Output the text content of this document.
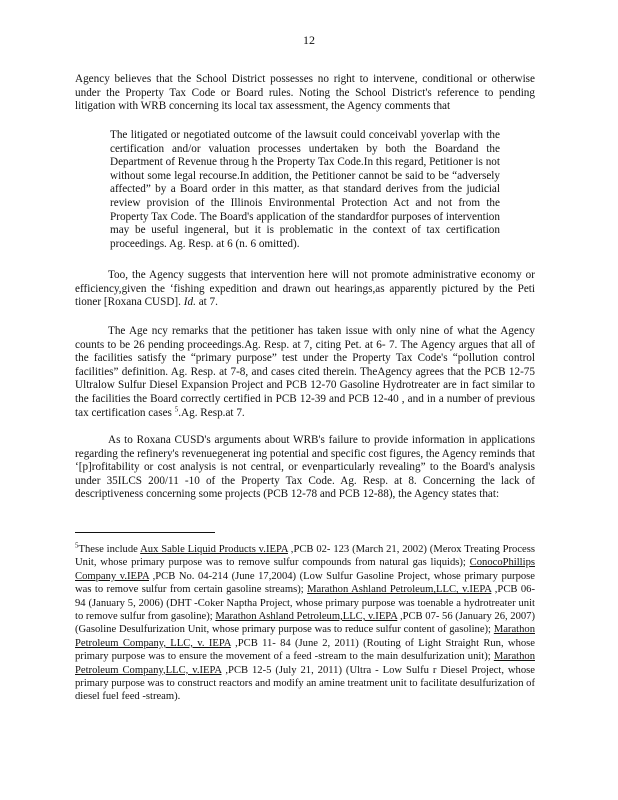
12
Agency believes that the School District possesses no right to intervene, conditional or otherwise under the Property Tax Code or Board rules. Noting the School District's reference to pending litigation with WRB concerning its local tax assessment, the Agency comments that
The litigated or negotiated outcome of the lawsuit could conceivabl yoverlap with the certification and/or valuation processes undertaken by both the Boardand the Department of Revenue throug h the Property Tax Code.In this regard, Petitioner is not without some legal recourse.In addition, the Petitioner cannot be said to be “adversely affected” by a Board order in this matter, as that standard derives from the judicial review provision of the Illinois Environmental Protection Act and not from the Property Tax Code. The Board's application of the standardfor purposes of intervention may be useful ingeneral, but it is problematic in the context of tax certification proceedings. Ag. Resp. at 6 (n. 6 omitted).
Too, the Agency suggests that intervention here will not promote administrative economy or efficiency,given the ‘fishing expedition and drawn out hearings,as apparently pictured by the Peti tioner [Roxana CUSD]. Id. at 7.
The Age ncy remarks that the petitioner has taken issue with only nine of what the Agency counts to be 26 pending proceedings.Ag. Resp. at 7, citing Pet. at 6- 7. The Agency argues that all of the facilities satisfy the “primary purpose” test under the Property Tax Code's “pollution control facilities” definition. Ag. Resp. at 7-8, and cases cited therein. TheAgency agrees that the PCB 12-75 Ultralow Sulfur Diesel Expansion Project and PCB 12-70 Gasoline Hydrotreater are in fact similar to the facilities the Board correctly certified in PCB 12-39 and PCB 12-40 , and in a number of previous tax certification cases $^5$.Ag. Resp.at 7.
As to Roxana CUSD's arguments about WRB's failure to provide information in applications regarding the refinery's revenuegenerat ing potential and specific cost figures, the Agency reminds that ‘[p]rofitability or cost analysis is not central, or evenparticularly revealing” to the Board's analysis under 35ILCS 200/11 -10 of the Property Tax Code. Ag. Resp. at 8. Concerning the lack of descriptiveness concerning some projects (PCB 12-78 and PCB 12-88), the Agency states that:
$^5$These include Aux Sable Liquid Products v.IEPA ,PCB 02- 123 (March 21, 2002) (Merox Treating Process Unit, whose primary purpose was to remove sulfur compounds from natural gas liquids); ConocoPhillips Company v.IEPA ,PCB No. 04-214 (June 17,2004) (Low Sulfur Gasoline Project, whose primary purpose was to remove sulfur from certain gasoline streams); Marathon Ashland Petroleum,LLC, v.IEPA ,PCB 06- 94 (January 5, 2006) (DHT -Coker Naptha Project, whose primary purpose was toenable a hydrotreater unit to remove sulfur from gasoline); Marathon Ashland Petroleum,LLC, v.IEPA ,PCB 07- 56 (January 26, 2007) (Gasoline Desulfurization Unit, whose primary purpose was to reduce sulfur content of gasoline); Marathon Petroleum Company, LLC, v. IEPA ,PCB 11- 84 (June 2, 2011) (Routing of Light Straight Run, whose primary purpose was to ensure the movement of a feed -stream to the main desulfurization unit); Marathon Petroleum Company,LLC, v.IEPA ,PCB 12-5 (July 21, 2011) (Ultra - Low Sulfu r Diesel Project, whose primary purpose was to construct reactors and modify an amine treatment unit to facilitate desulfurization of diesel fuel feed -stream).
